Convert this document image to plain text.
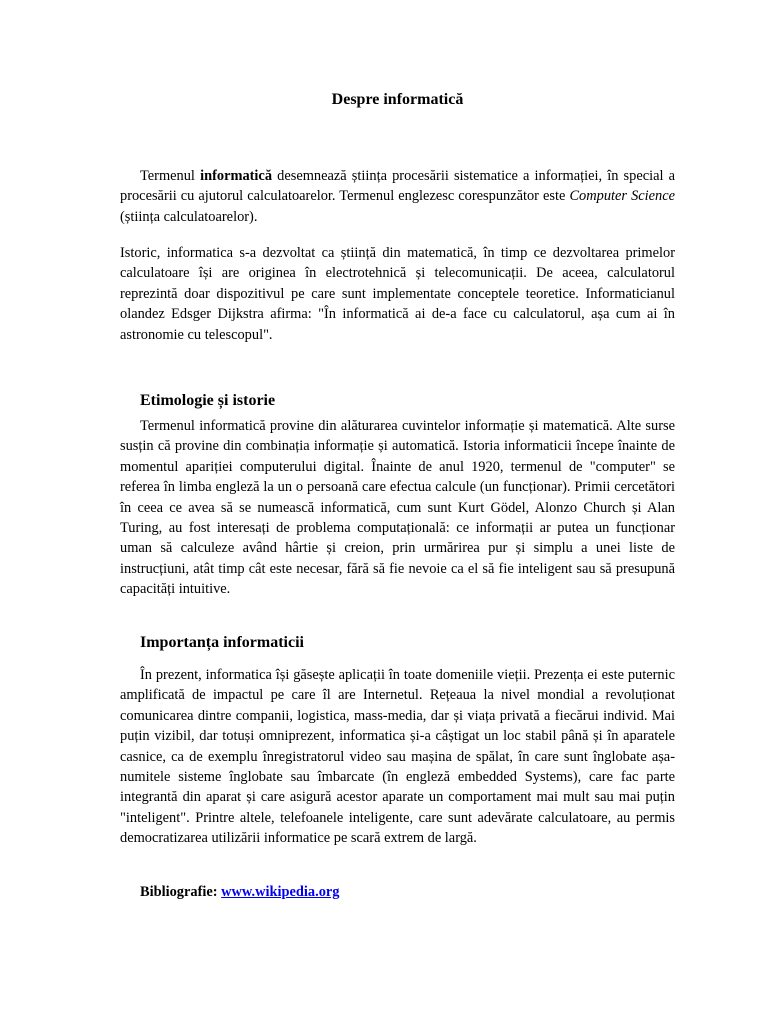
Despre informatică

Termenul informatică desemnează știința procesării sistematice a informației, în special a procesării cu ajutorul calculatoarelor. Termenul englezesc corespunzător este Computer Science (știința calculatoarelor).

Istoric, informatica s-a dezvoltat ca știință din matematică, în timp ce dezvoltarea primelor calculatoare își are originea în electrotehnică și telecomunicații. De aceea, calculatorul reprezintă doar dispozitivul pe care sunt implementate conceptele teoretice. Informaticianul olandez Edsger Dijkstra afirma: "În informatică ai de-a face cu calculatorul, așa cum ai în astronomie cu telescopul".

Etimologie și istorie

Termenul informatică provine din alăturarea cuvintelor informație și matematică. Alte surse susțin că provine din combinația informație și automatică. Istoria informaticii începe înainte de momentul apariției computerului digital. Înainte de anul 1920, termenul de "computer" se referea în limba engleză la un o persoană care efectua calcule (un funcționar). Primii cercetători în ceea ce avea să se numească informatică, cum sunt Kurt Gödel, Alonzo Church și Alan Turing, au fost interesați de problema computațională: ce informații ar putea un funcționar uman să calculeze având hârtie și creion, prin urmărirea pur și simplu a unei liste de instrucțiuni, atât timp cât este necesar, fără să fie nevoie ca el să fie inteligent sau să presupună capacități intuitive.

Importanța informaticii

În prezent, informatica își găsește aplicații în toate domeniile vieții. Prezența ei este puternic amplificată de impactul pe care îl are Internetul. Rețeaua la nivel mondial a revoluționat comunicarea dintre companii, logistica, mass-media, dar și viața privată a fiecărui individ. Mai puțin vizibil, dar totuși omniprezent, informatica și-a câștigat un loc stabil până și în aparatele casnice, ca de exemplu înregistratorul video sau mașina de spălat, în care sunt înglobate așa-numitele sisteme înglobate sau îmbarcate (în engleză embedded Systems), care fac parte integrantă din aparat și care asigură acestor aparate un comportament mai mult sau mai puțin "inteligent". Printre altele, telefoanele inteligente, care sunt adevărate calculatoare, au permis democratizarea utilizării informatice pe scară extrem de largă.

Bibliografie: www.wikipedia.org
